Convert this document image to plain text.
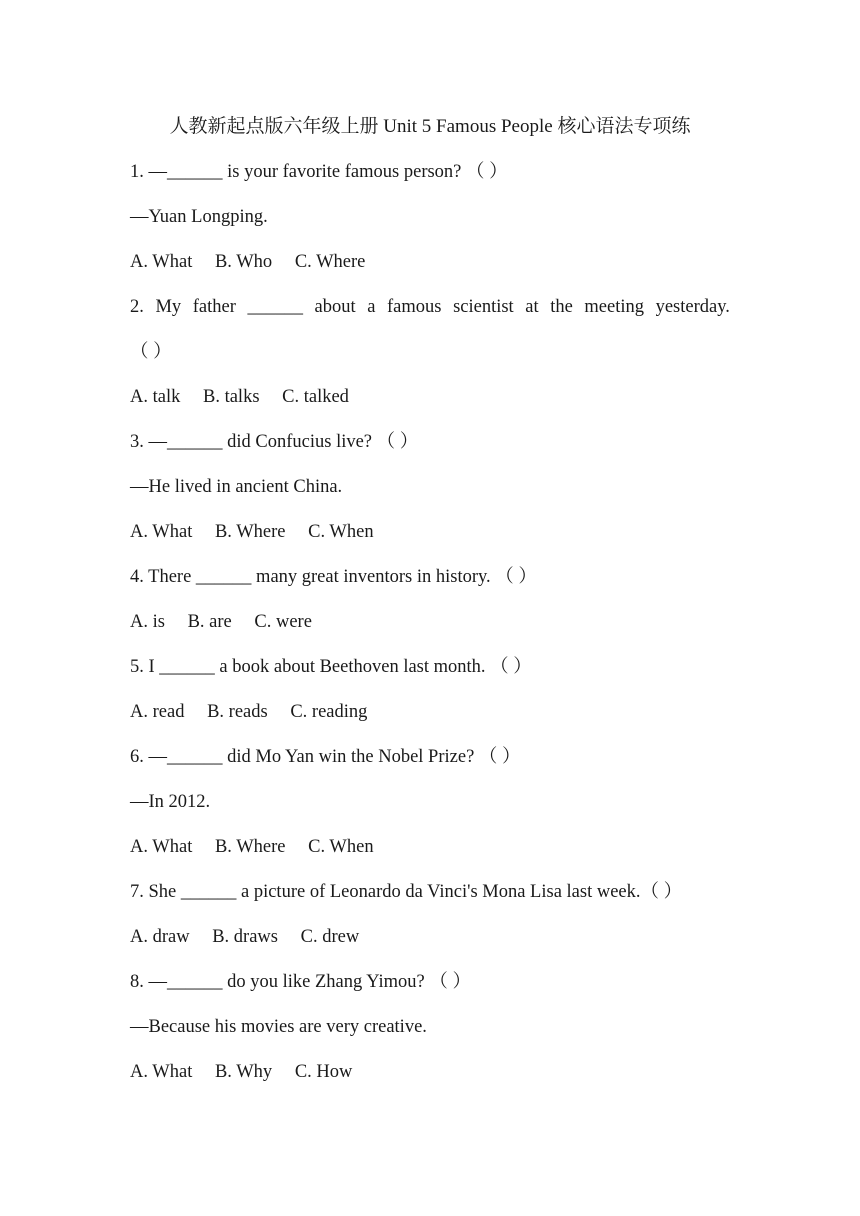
人教新起点版六年级上册 Unit 5 Famous People 核心语法专项练
1. —______ is your favorite famous person? （ ）
—Yuan Longping.
A. What B. Who C. Where
2. My father ______ about a famous scientist at the meeting yesterday.
（ ）
A. talk B. talks C. talked
3. —______ did Confucius live? （ ）
—He lived in ancient China.
A. What B. Where C. When
4. There ______ many great inventors in history. （ ）
A. is B. are C. were
5. I ______ a book about Beethoven last month. （ ）
A. read B. reads C. reading
6. —______ did Mo Yan win the Nobel Prize? （ ）
—In 2012.
A. What B. Where C. When
7. She ______ a picture of Leonardo da Vinci's Mona Lisa last week.（ ）
A. draw B. draws C. drew
8. —______ do you like Zhang Yimou? （ ）
—Because his movies are very creative.
A. What B. Why C. How
